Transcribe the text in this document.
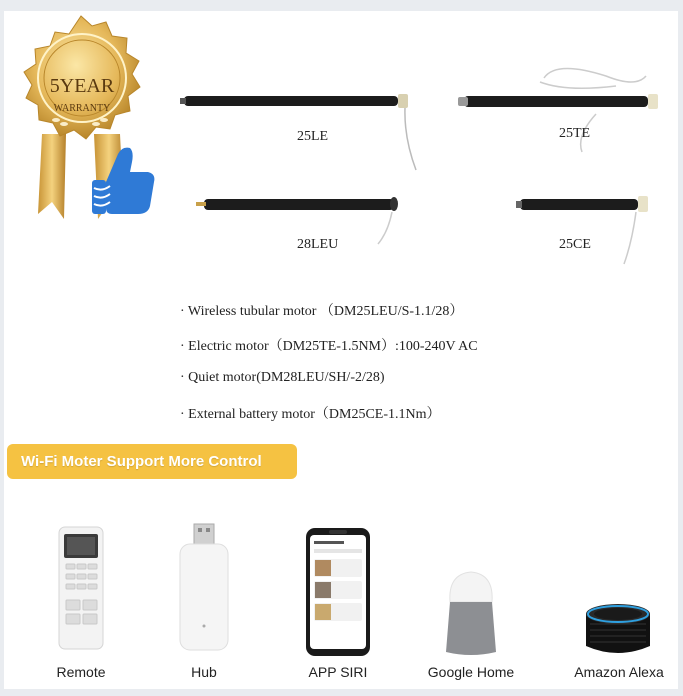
5YEAR
WARRANTY
25LE	25TE
28LEU	25CE
· Wireless tubular motor （DM25LEU/S-1.1/28）
· Electric motor（DM25TE-1.5NM）:100-240V AC
· Quiet motor(DM28LEU/SH/-2/28)
· External battery motor（DM25CE-1.1Nm）
Wi-Fi Moter Support More Control
Remote	Hub	APP SIRI	Google Home	Amazon Alexa
